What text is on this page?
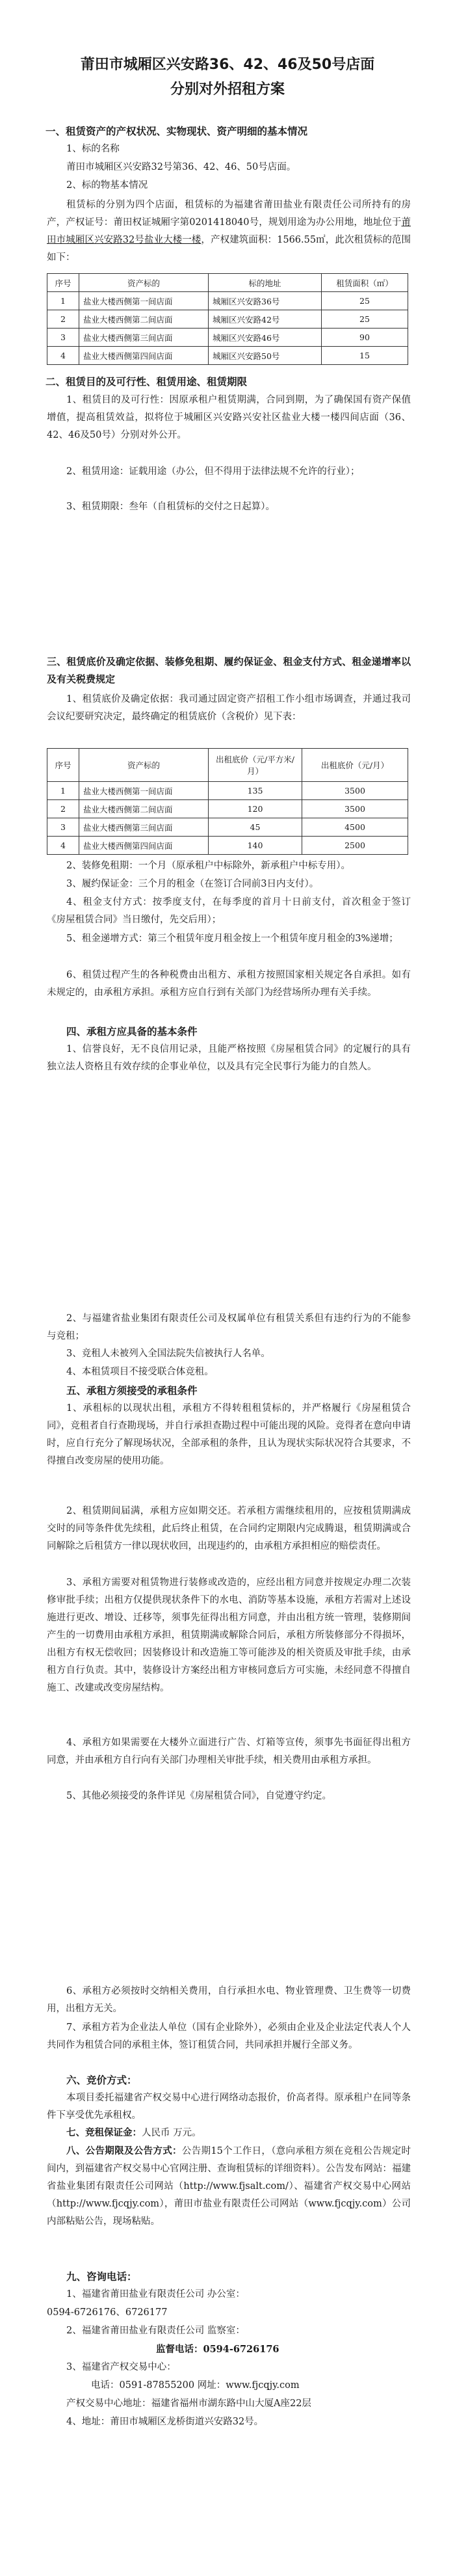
莆田市城厢区兴安路36、42、46及50号店面
分别对外招租方案
一、租赁资产的产权状况、实物现状、资产明细的基本情况
1、标的名称
莆田市城厢区兴安路32号第36、42、46、50号店面。
2、标的物基本情况

租赁标的分别为四个店面，租赁标的为福建省莆田盐业有限责任公司所持有的房产，产权证号：莆田权证城厢字第0201418040号，规划用途为办公用地，地址位于莆田市城厢区兴安路32号盐业大楼一楼，产权建筑面积：1566.55㎡，此次租赁标的范围如下：

序号	资产标的	标的地址	租赁面积（㎡）
1	盐业大楼西侧第一间店面	城厢区兴安路36号	25
2	盐业大楼西侧第二间店面	城厢区兴安路42号	25
3	盐业大楼西侧第三间店面	城厢区兴安路46号	90
4	盐业大楼西侧第四间店面	城厢区兴安路50号	15
二、租赁目的及可行性、租赁用途、租赁期限

1、租赁目的及可行性：因原承租户租赁期满，合同到期，为了确保国有资产保值增值，提高租赁效益，拟将位于城厢区兴安路兴安社区盐业大楼一楼四间店面（36、42、46及50号）分别对外公开。

2、租赁用途：证载用途（办公，但不得用于法律法规不允许的行业）；

3、租赁期限：叁年（自租赁标的交付之日起算）。

三、租赁底价及确定依据、装修免租期、履约保证金、租金支付方式、租金递增率以及有关税费规定

1、租赁底价及确定依据：我司通过固定资产招租工作小组市场调查，并通过我司会议纪要研究决定，最终确定的租赁底价（含税价）见下表：

序号	资产标的	出租底价（元/平方米/月）	出租底价（元/月）
1	盐业大楼西侧第一间店面	135	3500
2	盐业大楼西侧第二间店面	120	3500
3	盐业大楼西侧第三间店面	45	4500
4	盐业大楼西侧第四间店面	140	2500

2、装修免租期：一个月（原承租户中标除外，新承租户中标专用）。

3、履约保证金：三个月的租金（在签订合同前3日内支付）。

4、租金支付方式：按季度支付，在每季度的首月十日前支付，首次租金于签订《房屋租赁合同》当日缴付，先交后用）；

5、租金递增方式：第三个租赁年度月租金按上一个租赁年度月租金的3%递增；

6、租赁过程产生的各种税费由出租方、承租方按照国家相关规定各自承担。如有未规定的，由承租方承担。承租方应自行到有关部门为经营场所办理有关手续。

四、承租方应具备的基本条件

1、信誉良好，无不良信用记录，且能严格按照《房屋租赁合同》的定履行的具有独立法人资格且有效存续的企事业单位，以及具有完全民事行为能力的自然人。

2、与福建省盐业集团有限责任公司及权属单位有租赁关系但有违约行为的不能参与竞租；

3、竞租人未被列入全国法院失信被执行人名单。

4、本租赁项目不接受联合体竞租。

五、承租方须接受的承租条件

1、承租标的以现状出租，承租方不得转租租赁标的，并严格履行《房屋租赁合同》，竞租者自行查勘现场，并自行承担查勘过程中可能出现的风险。竞得者在意向申请时，应自行充分了解现场状况，全部承租的条件，且认为现状实际状况符合其要求，不得擅自改变房屋的使用功能。

2、租赁期间届满，承租方应如期交还。若承租方需继续租用的，应按租赁期满成交时的同等条件优先续租，此后终止租赁，在合同约定期限内完成腾退，租赁期满或合同解除之后租赁方一律以现状收回，出现违约的，由承租方承担相应的赔偿责任。

3、承租方需要对租赁物进行装修或改造的，应经出租方同意并按规定办理二次装修审批手续；出租方仅提供现状条件下的水电、消防等基本设施，承租方若需对上述设施进行更改、增设、迁移等，须事先征得出租方同意，并由出租方统一管理，装修期间产生的一切费用由承租方承担，租赁期满或解除合同后，承租方所装修部分不得损坏，出租方有权无偿收回；因装修设计和改造施工等可能涉及的相关资质及审批手续，由承租方自行负责。其中，装修设计方案经出租方审核同意后方可实施，未经同意不得擅自施工、改建或改变房屋结构。

4、承租方如果需要在大楼外立面进行广告、灯箱等宣传，须事先书面征得出租方同意，并由承租方自行向有关部门办理相关审批手续，相关费用由承租方承担。

5、其他必须接受的条件详见《房屋租赁合同》，自觉遵守约定。

6、承租方必须按时交纳相关费用，自行承担水电、物业管理费、卫生费等一切费用，出租方无关。

7、承租方若为企业法人单位（国有企业除外），必须由企业及企业法定代表人个人共同作为租赁合同的承租主体，签订租赁合同，共同承担并履行全部义务。

六、竞价方式：

本项目委托福建省产权交易中心进行网络动态报价，价高者得。原承租户在同等条件下享受优先承租权。

七、竞租保证金：人民币 万元。

八、公告期限及公告方式：公告期15个工作日，（意向承租方须在竞租公告规定时间内，到福建省产权交易中心官网注册、查询租赁标的详细资料）。公告发布网站：福建省盐业集团有限责任公司网站（http://www.fjsalt.com/）、福建省产权交易中心网站（http://www.fjcqjy.com），莆田市盐业有限责任公司网站（www.fjcqjy.com）公司内部粘贴公告，现场粘贴。

九、咨询电话：
1、福建省莆田盐业有限责任公司 办公室：
0594-6726176、6726177
2、福建省莆田盐业有限责任公司 监察室：
监督电话：0594-6726176
3、福建省产权交易中心：
电话：0591-87855200 网址：www.fjcqjy.com
产权交易中心地址：福建省福州市湖东路中山大厦A座22层
4、地址：莆田市城厢区龙桥街道兴安路32号。
